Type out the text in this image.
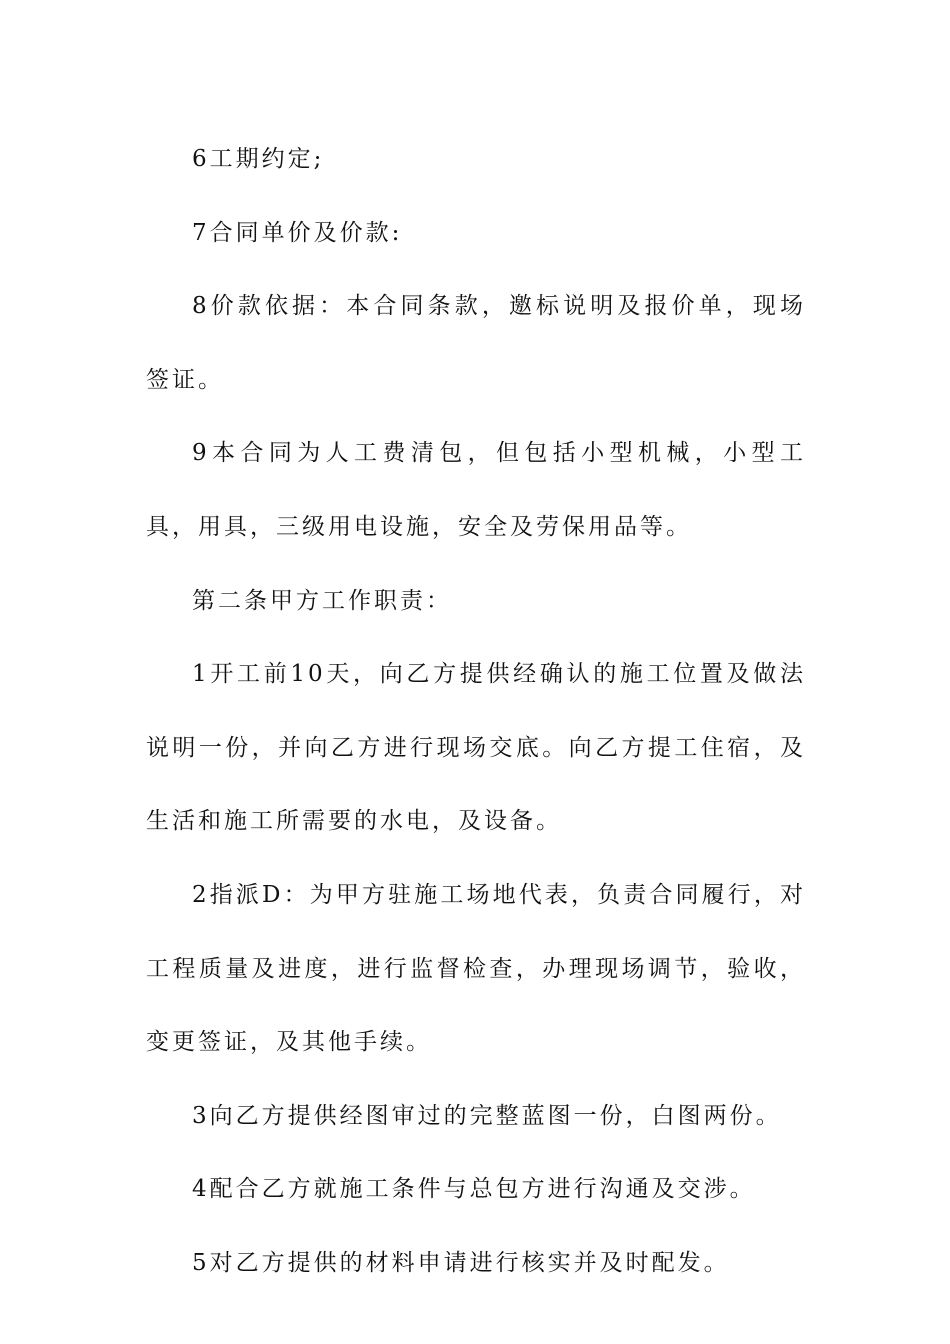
6工期约定;

7合同单价及价款:

8价款依据：本合同条款，邀标说明及报价单，现场签证。

9本合同为人工费清包，但包括小型机械，小型工具，用具，三级用电设施，安全及劳保用品等。

第二条甲方工作职责：

1开工前10天，向乙方提供经确认的施工位置及做法说明一份，并向乙方进行现场交底。向乙方提工住宿，及生活和施工所需要的水电，及设备。

2指派D：为甲方驻施工场地代表，负责合同履行，对工程质量及进度，进行监督检查，办理现场调节，验收，变更签证，及其他手续。

3向乙方提供经图审过的完整蓝图一份，白图两份。

4配合乙方就施工条件与总包方进行沟通及交涉。

5对乙方提供的材料申请进行核实并及时配发。
